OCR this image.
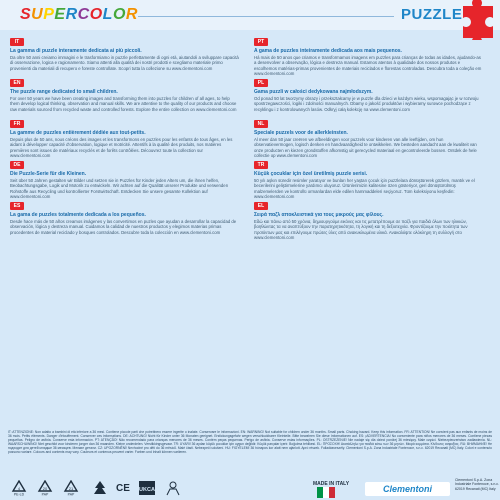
SUPERCOLOR	PUZZLE
IT
La gamma di puzzle interamente dedicata ai più piccoli.
Da oltre 50 anni creiamo immagini e le trasformiamo in puzzle perfettamente di ogni età, aiutandoli a sviluppare capacità di osservazione, logica e ragionamento. Siamo attenti alla qualità dei nostri prodotti e scegliamo materiale primo provenienti da materiali di recupero e foreste controllate. Scopri tutta la collezione su www.clementoni.com
EN
The puzzle range dedicated to small children.
For over 50 years we have been creating images and transforming them into puzzles for children of all ages, to help them develop logical thinking, observation and manual skills. We are attentive to the quality of our products and choose raw materials sourced from recycled waste and controlled forests. Explore the entire collection on www.clementoni.com
FR
La gamme de puzzles entièrement dédiée aux tout-petits.
Depuis plus de 50 ans, nous créons des images et les transformons en puzzles pour les enfants de tous âges, en les aidant à développer capacité d'observation, logique et motricité. Attentifs à la qualité des produits, nos matières premières sont issues de matériaux recyclés et de forêts contrôlées. Découvrez toute la collection sur www.clementoni.com
DE
Die Puzzle-Serie für die Kleinen.
Seit über 50 Jahren gestalten wir Bilder und setzen sie in Puzzles für Kinder jeden Alters um, die ihnen helfen, Beobachtungsgabe, Logik und Motorik zu entwickeln. Wir achten auf die Qualität unserer Produkte und verwenden Rohstoffe aus Recycling und kontrollierter Forstwirtschaft. Entdecken Sie unsere gesamte Kollektion auf www.clementoni.com
ES
La gama de puzzles totalmente dedicada a los pequeños.
Desde hace más de 50 años creamos imágenes y las convertimos en puzles que ayudan a desarrollar la capacidad de observación, lógica y destreza manual. Cuidamos la calidad de nuestros productos y elegimos materias primas procedentes de material reciclado y bosques controlados. Descubre toda la colección en www.clementoni.com
PT
A gama de puzzles inteiramente dedicada aos mais pequenos.
Há mais de 50 anos que criamos e transformamos imagens em puzzles para crianças de todas as idades, ajudando-as a desenvolver a observação, lógica e destreza manual. Estamos atentos à qualidade dos nossos produtos e escolhemos matérias-primas provenientes de materiais reciclados e florestas controladas. Descubra toda a coleção em www.clementoni.com
PL
Gama puzzli w całości dedykowana najmłodszym.
Od ponad 50 lat tworzymy obrazy i przekształcamy je w puzzle dla dzieci w każdym wieku, wspomagając je w rozwoju spostrzegawczości, logiki i zdolności manualnych. Dbamy o jakość produktów i wybieramy surowce pochodzące z recyklingu i z kontrolowanych lasów. Odkryj całą kolekcję na www.clementoni.com
NL
Speciale puzzels voor de allerkleinsten.
Al meer dan 50 jaar creëren we afbeeldingen voor puzzels voor kinderen van alle leeftijden, om hun observatievermogen, logisch denken en handvaardigheid te ontwikkelen. We besteden aandacht aan de kwaliteit van onze producten en kiezen grondstoffen afkomstig uit gerecycled materiaal en gecontroleerde bossen. Ontdek de hele collectie op www.clementoni.com
TR
Küçük çocuklar için özel üretilmiş puzzle serisi.
50 yılı aşkın süredir resimler yaratıyor ve bunları her yaştan çocuk için puzzlelara dönüştürerek gözlem, mantık ve el becerilerini geliştirmelerine yardımcı oluyoruz. Ürünlerimizin kalitesine özen gösteriyor, geri dönüştürülmüş malzemelerden ve kontrollü ormanlardan elde edilen hammaddeleri seçiyoruz. Tüm koleksiyonu keşfedin: www.clementoni.com
EL
Σειρά παζλ αποκλειστικά για τους μικρούς μας φίλους.
Εδώ και πάνω από 50 χρόνια, δημιουργούμε εικόνες και τις μετατρέπουμε σε παζλ για παιδιά όλων των ηλικιών, βοηθώντας τα να αναπτύξουν την παρατηρητικότητα, τη λογική και τη δεξιοτεχνία. Φροντίζουμε την ποιότητα των προϊόντων μας και επιλέγουμε πρώτες ύλες από ανακυκλωμένα υλικά. Ανακαλύψτε ολόκληρη τη συλλογή στο www.clementoni.com

IT: ATTENZIONE: Non adatto a bambini di età inferiore a 36 mesi. Contiene piccole parti che potrebbero essere ingerite o inalate. Conservare le informazioni. EN: WARNING! Not suitable for children under 36 months. Small parts. Choking hazard. Keep this information. FR: ATTENTION! Ne convient pas aux enfants de moins de 36 mois. Petits éléments. Danger d'étouffement. Conserver ces informations. DE: ACHTUNG! Nicht für Kinder unter 36 Monaten geeignet. Erstickungsgefahr wegen verschluckbarer Kleinteile. Bitte bewahren Sie diese Informationen auf. ES: ¡ADVERTENCIA! No conveniente para niños menores de 36 meses. Contiene piezas pequeñas. Peligro de asfixia. Conserve esta información. PT: ATENÇÃO! Não recomendado para crianças menores de 36 meses. Contém peças pequenas. Perigo de asfixia. Conserve estas informações. PL: OSTRZEŻENIE! Nie nadaje się dla dzieci poniżej 36 miesięcy. Małe części. Niebezpieczeństwo zadławienia. NL: WAARSCHUWING! Niet geschikt voor kinderen jonger dan 36 maanden. Kleine onderdelen. Verstikkingsgevaar. TR: UYARI! 36 aydan küçük çocuklar için uygun değildir. Küçük parçalar içerir. Boğulma tehlikesi. EL: ΠΡΟΣΟΧΗ! Ακατάλληλο για παιδιά κάτω των 36 μηνών. Μικρά κομμάτια. Κίνδυνος ασφυξίας. RU: ВНИМАНИЕ! Не подходит для детей младше 36 месяцев. Мелкие детали. CZ: UPOZORNĚNÍ! Nevhodné pro děti do 36 měsíců. Malé části. Nebezpečí udušení. HU: FIGYELEM! 36 hónapos kor alatt nem ajánlott. Apró részek. Fulladásveszély. Clementoni S.p.A. Zona Industriale Fontenoce, s.n.c. 62019 Recanati (MC) Italy. Colori e contenuto possono variare. Colours and contents may vary. Couleurs et contenus peuvent varier. Farben und Inhalt können variieren.

4
PE-LD
20
PAP
21
PAP
CE	UKCA
MADE IN ITALY	Clementoni
Clementoni S.p.A. Zona Industriale Fontenoce, s.n.c. 62019 Recanati (MC) Italy
